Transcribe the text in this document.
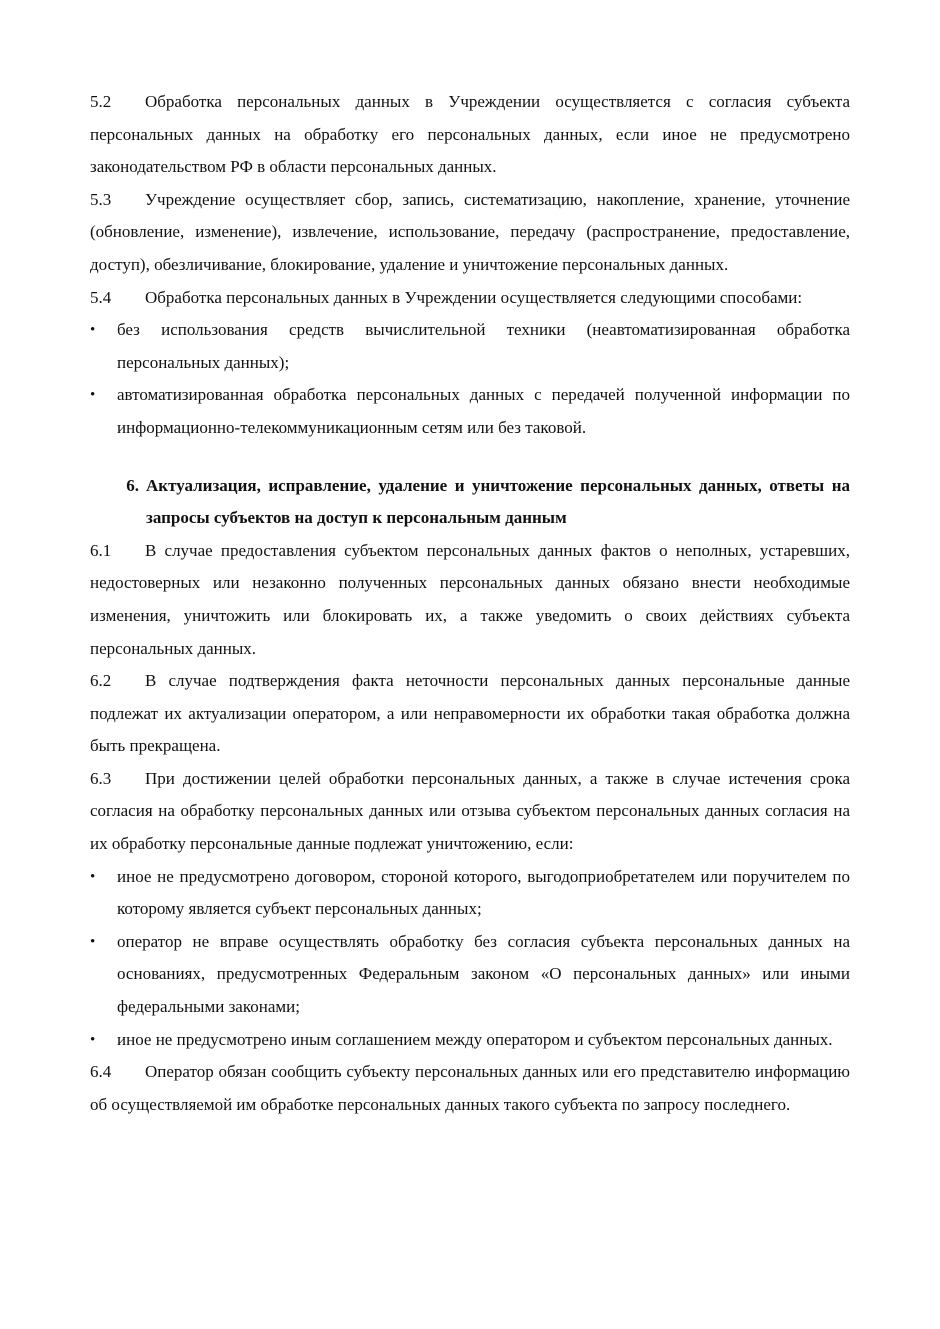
5.2	Обработка персональных данных в Учреждении осуществляется с согласия субъекта персональных данных на обработку его персональных данных, если иное не предусмотрено законодательством РФ в области персональных данных.
5.3	Учреждение осуществляет сбор, запись, систематизацию, накопление, хранение, уточнение (обновление, изменение), извлечение, использование, передачу (распространение, предоставление, доступ), обезличивание, блокирование, удаление и уничтожение персональных данных.
5.4	Обработка персональных данных в Учреждении осуществляется следующими способами:
•	без использования средств вычислительной техники (неавтоматизированная обработка персональных данных);
•	автоматизированная обработка персональных данных с передачей полученной информации по информационно-телекоммуникационным сетям или без таковой.
6. Актуализация, исправление, удаление и уничтожение персональных данных, ответы на запросы субъектов на доступ к персональным данным
6.1	В случае предоставления субъектом персональных данных фактов о неполных, устаревших, недостоверных или незаконно полученных персональных данных обязано внести необходимые изменения, уничтожить или блокировать их, а также уведомить о своих действиях субъекта персональных данных.
6.2	В случае подтверждения факта неточности персональных данных персональные данные подлежат их актуализации оператором, а или неправомерности их обработки такая обработка должна быть прекращена.
6.3	При достижении целей обработки персональных данных, а также в случае истечения срока согласия на обработку персональных данных или отзыва субъектом персональных данных согласия на их обработку персональные данные подлежат уничтожению, если:
•	иное не предусмотрено договором, стороной которого, выгодоприобретателем или поручителем по которому является субъект персональных данных;
•	оператор не вправе осуществлять обработку без согласия субъекта персональных данных на основаниях, предусмотренных Федеральным законом «О персональных данных» или иными федеральными законами;
•	иное не предусмотрено иным соглашением между оператором и субъектом персональных данных.
6.4	Оператор обязан сообщить субъекту персональных данных или его представителю информацию об осуществляемой им обработке персональных данных такого субъекта по запросу последнего.
